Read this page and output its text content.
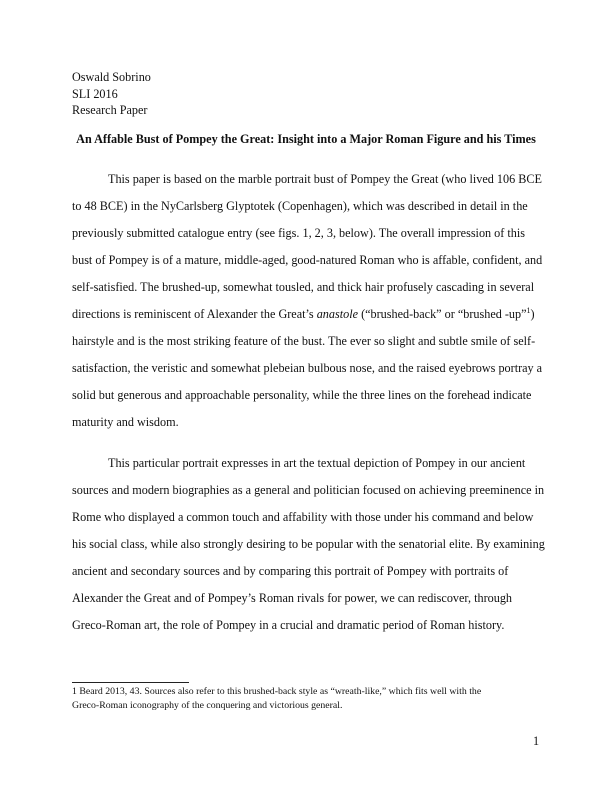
Oswald Sobrino
SLI 2016
Research Paper
An Affable Bust of Pompey the Great: Insight into a Major Roman Figure and his Times
This paper is based on the marble portrait bust of Pompey the Great (who lived 106 BCE
to 48 BCE) in the NyCarlsberg Glyptotek (Copenhagen), which was described in detail in the
previously submitted catalogue entry (see figs. 1, 2, 3, below). The overall impression of this
bust of Pompey is of a mature, middle-aged, good-natured Roman who is affable, confident, and
self-satisfied. The brushed-up, somewhat tousled, and thick hair profusely cascading in several
directions is reminiscent of Alexander the Great’s anastole (“brushed-back” or “brushed -up”$^1$)
hairstyle and is the most striking feature of the bust. The ever so slight and subtle smile of self-
satisfaction, the veristic and somewhat plebeian bulbous nose, and the raised eyebrows portray a
solid but generous and approachable personality, while the three lines on the forehead indicate
maturity and wisdom.
This particular portrait expresses in art the textual depiction of Pompey in our ancient
sources and modern biographies as a general and politician focused on achieving preeminence in
Rome who displayed a common touch and affability with those under his command and below
his social class, while also strongly desiring to be popular with the senatorial elite. By examining
ancient and secondary sources and by comparing this portrait of Pompey with portraits of
Alexander the Great and of Pompey’s Roman rivals for power, we can rediscover, through
Greco-Roman art, the role of Pompey in a crucial and dramatic period of Roman history.
1 Beard 2013, 43. Sources also refer to this brushed-back style as “wreath-like,” which fits well with the
Greco-Roman iconography of the conquering and victorious general.
1
